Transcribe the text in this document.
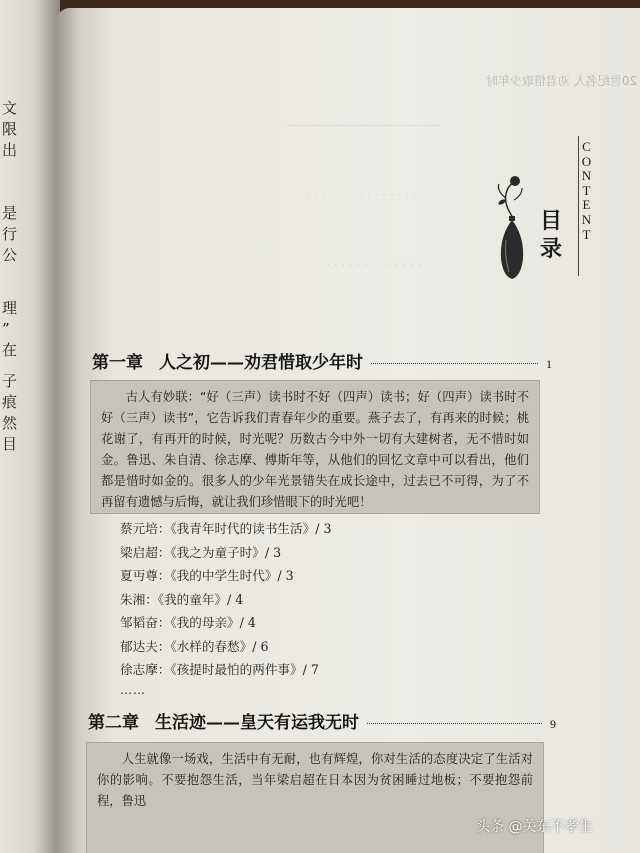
文
限
出
是
行
公
理
”
在
子
痕
然
目
20世纪名人 劝君惜取少年时
—————————————
· · · · · · · · · · · · · · ·
· · · · · · · · · · · · ·
目
录
C
O
N
T
E
N
T
第一章 人之初——劝君惜取少年时	1
古人有妙联：“好（三声）读书时不好（四声）读书；好（四声）读书时不好（三声）读书”，它告诉我们青春年少的重要。燕子去了，有再来的时候；桃花谢了，有再开的时候，时光呢？历数古今中外一切有大建树者，无不惜时如金。鲁迅、朱自清、徐志摩、傅斯年等，从他们的回忆文章中可以看出，他们都是惜时如金的。很多人的少年光景错失在成长途中，过去已不可得，为了不再留有遗憾与后悔，就让我们珍惜眼下的时光吧！
蔡元培：《我青年时代的读书生活》/ 3
梁启超：《我之为童子时》/ 3
夏丏尊：《我的中学生时代》/ 3
朱湘：《我的童年》/ 4
邹韬奋：《我的母亲》/ 4
郁达夫：《水样的春愁》/ 6
徐志摩：《孩提时最怕的两件事》/ 7
……
第二章 生活迹——皇天有运我无时	9
人生就像一场戏，生活中有无耐，也有辉煌，你对生活的态度决定了生活对你的影响。不要抱怨生活，当年梁启超在日本因为贫困睡过地板；不要抱怨前程，鲁迅
头条 @关东不孝生
